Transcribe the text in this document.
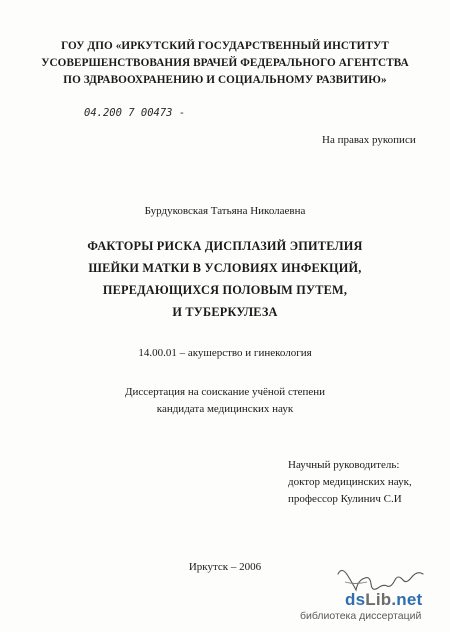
ГОУ ДПО «ИРКУТСКИЙ ГОСУДАРСТВЕННЫЙ ИНСТИТУТ
УСОВЕРШЕНСТВОВАНИЯ ВРАЧЕЙ ФЕДЕРАЛЬНОГО АГЕНТСТВА
ПО ЗДРАВООХРАНЕНИЮ И СОЦИАЛЬНОМУ РАЗВИТИЮ»
04.200 7 00473 -
На правах рукописи
Бурдуковская Татьяна Николаевна
ФАКТОРЫ РИСКА ДИСПЛАЗИЙ ЭПИТЕЛИЯ
ШЕЙКИ МАТКИ В УСЛОВИЯХ ИНФЕКЦИЙ,
ПЕРЕДАЮЩИХСЯ ПОЛОВЫМ ПУТЕМ,
И ТУБЕРКУЛЕЗА
14.00.01 – акушерство и гинекология
Диссертация на соискание учёной степени
кандидата медицинских наук
Научный руководитель:
доктор медицинских наук,
профессор Кулинич С.И
Иркутск – 2006
dsLib.net
библиотека диссертаций
